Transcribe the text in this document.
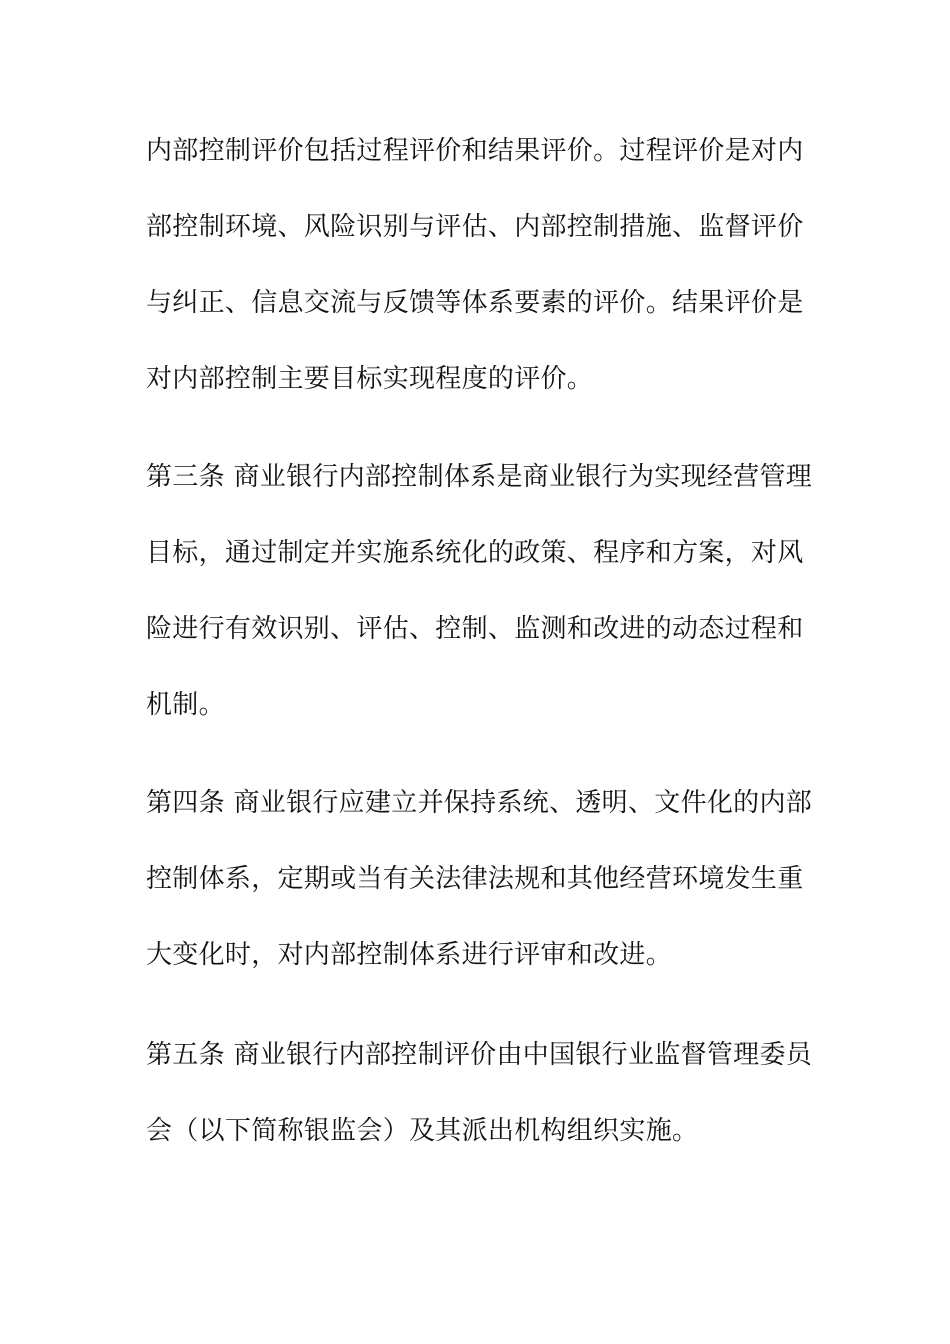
内部控制评价包括过程评价和结果评价。过程评价是对内
部控制环境、风险识别与评估、内部控制措施、监督评价
与纠正、信息交流与反馈等体系要素的评价。结果评价是
对内部控制主要目标实现程度的评价。
第三条 商业银行内部控制体系是商业银行为实现经营管理
目标，通过制定并实施系统化的政策、程序和方案，对风
险进行有效识别、评估、控制、监测和改进的动态过程和
机制。
第四条 商业银行应建立并保持系统、透明、文件化的内部
控制体系，定期或当有关法律法规和其他经营环境发生重
大变化时，对内部控制体系进行评审和改进。
第五条 商业银行内部控制评价由中国银行业监督管理委员
会（以下简称银监会）及其派出机构组织实施。
